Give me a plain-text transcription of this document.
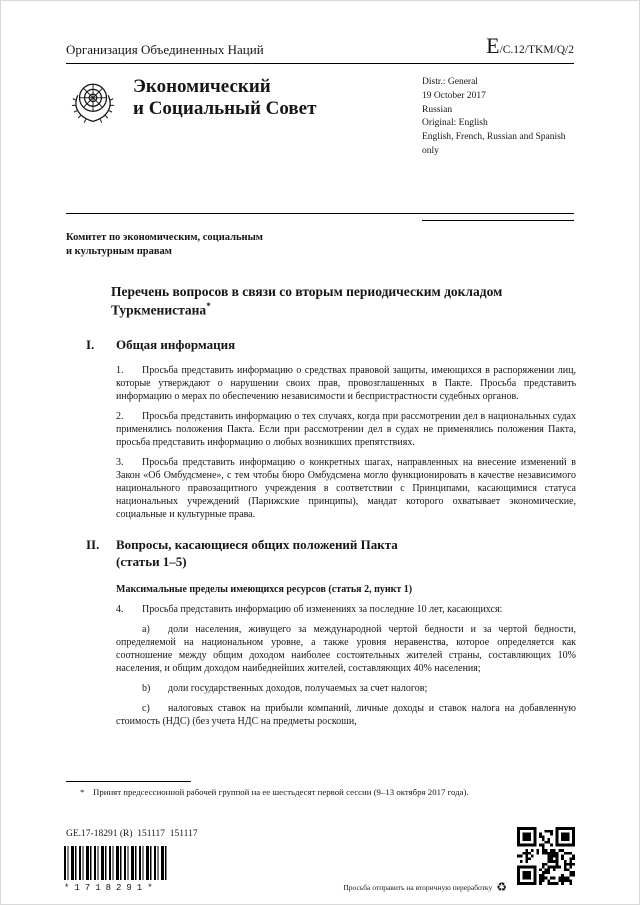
Организация Объединенных Наций	E/C.12/TKM/Q/2
Экономический
и Социальный Совет
Distr.: General
19 October 2017
Russian
Original: English
English, French, Russian and Spanish only
Комитет по экономическим, социальным
и культурным правам
Перечень вопросов в связи со вторым периодическим докладом Туркменистана*
I.	Общая информация

1. Просьба представить информацию о средствах правовой защиты, имеющихся в распоряжении лиц, которые утверждают о нарушении своих прав, провозглашенных в Пакте. Просьба представить информацию о мерах по обеспечению независимости и беспристрастности судебных органов.

2. Просьба представить информацию о тех случаях, когда при рассмотрении дел в национальных судах применялись положения Пакта. Если при рассмотрении дел в судах не применялись положения Пакта, просьба представить информацию о любых возникших препятствиях.

3. Просьба представить информацию о конкретных шагах, направленных на внесение изменений в Закон «Об Омбудсмене», с тем чтобы бюро Омбудсмена могло функционировать в качестве независимого национального правозащитного учреждения в соответствии с Принципами, касающимися статуса национальных учреждений (Парижские принципы), мандат которого охватывает экономические, социальные и культурные права.

II.	Вопросы, касающиеся общих положений Пакта (статьи 1–5)
Максимальные пределы имеющихся ресурсов (статья 2, пункт 1)

4. Просьба представить информацию об изменениях за последние 10 лет, касающихся:

a) доли населения, живущего за международной чертой бедности и за чертой бедности, определяемой на национальном уровне, а также уровня неравенства, которое определяется как соотношение между общим доходом наиболее состоятельных жителей страны, составляющих 10% населения, и общим доходом наибеднейших жителей, составляющих 40% населения;

b) доли государственных доходов, получаемых за счет налогов;

c) налоговых ставок на прибыли компаний, личные доходы и ставок налога на добавленную стоимость (НДС) (без учета НДС на предметы роскоши,

* Принят предсессионной рабочей группой на ее шестьдесят первой сессии (9–13 октября 2017 года).
GE.17-18291 (R)  151117  151117
*1718291*	Просьба отправить на вторичную переработку ♻
